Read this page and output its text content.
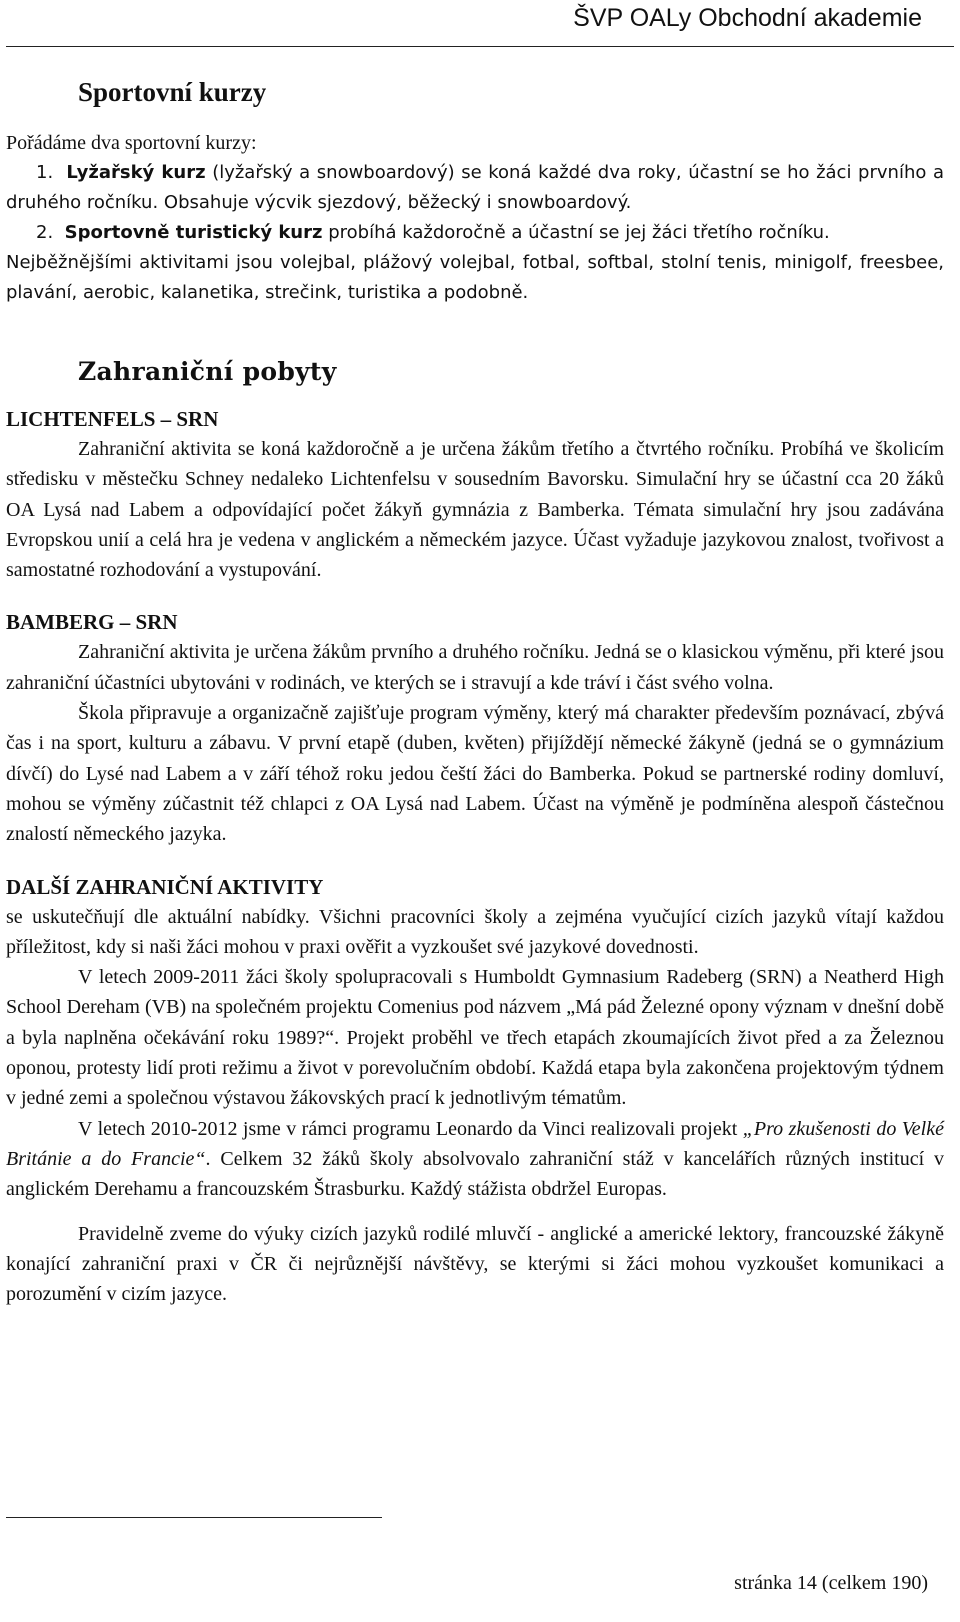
ŠVP OALy Obchodní akademie
Sportovní kurzy

Pořádáme dva sportovní kurzy:

1. Lyžařský kurz (lyžařský a snowboardový) se koná každé dva roky, účastní se ho žáci prvního a druhého ročníku. Obsahuje výcvik sjezdový, běžecký i snowboardový.
2. Sportovně turistický kurz probíhá každoročně a účastní se jej žáci třetího ročníku.

Nejběžnějšími aktivitami jsou volejbal, plážový volejbal, fotbal, softbal, stolní tenis, minigolf, freesbee, plavání, aerobic, kalanetika, strečink, turistika a podobně.

Zahraniční pobyty

LICHTENFELS – SRN

Zahraniční aktivita se koná každoročně a je určena žákům třetího a čtvrtého ročníku. Probíhá ve školicím středisku v městečku Schney nedaleko Lichtenfelsu v sousedním Bavorsku. Simulační hry se účastní cca 20 žáků OA Lysá nad Labem a odpovídající počet žákyň gymnázia z Bamberka. Témata simulační hry jsou zadávána Evropskou unií a celá hra je vedena v anglickém a německém jazyce. Účast vyžaduje jazykovou znalost, tvořivost a samostatné rozhodování a vystupování.

BAMBERG – SRN

Zahraniční aktivita je určena žákům prvního a druhého ročníku. Jedná se o klasickou výměnu, při které jsou zahraniční účastníci ubytováni v rodinách, ve kterých se i stravují a kde tráví i část svého volna.

Škola připravuje a organizačně zajišťuje program výměny, který má charakter především poznávací, zbývá čas i na sport, kulturu a zábavu. V první etapě (duben, květen) přijíždějí německé žákyně (jedná se o gymnázium dívčí) do Lysé nad Labem a v září téhož roku jedou čeští žáci do Bamberka. Pokud se partnerské rodiny domluví, mohou se výměny zúčastnit též chlapci z OA Lysá nad Labem. Účast na výměně je podmíněna alespoň částečnou znalostí německého jazyka.

DALŠÍ ZAHRANIČNÍ AKTIVITY

se uskutečňují dle aktuální nabídky. Všichni pracovníci školy a zejména vyučující cizích jazyků vítají každou příležitost, kdy si naši žáci mohou v praxi ověřit a vyzkoušet své jazykové dovednosti.

V letech 2009-2011 žáci školy spolupracovali s Humboldt Gymnasium Radeberg (SRN) a Neatherd High School Dereham (VB) na společném projektu Comenius pod názvem „Má pád Železné opony význam v dnešní době a byla naplněna očekávání roku 1989?“. Projekt proběhl ve třech etapách zkoumajících život před a za Železnou oponou, protesty lidí proti režimu a život v porevolučním období. Každá etapa byla zakončena projektovým týdnem v jedné zemi a společnou výstavou žákovských prací k jednotlivým tématům.

V letech 2010-2012 jsme v rámci programu Leonardo da Vinci realizovali projekt „Pro zkušenosti do Velké Británie a do Francie“. Celkem 32 žáků školy absolvovalo zahraniční stáž v kancelářích různých institucí v anglickém Derehamu a francouzském Štrasburku. Každý stážista obdržel Europas.

Pravidelně zveme do výuky cizích jazyků rodilé mluvčí - anglické a americké lektory, francouzské žákyně konající zahraniční praxi v ČR či nejrůznější návštěvy, se kterými si žáci mohou vyzkoušet komunikaci a porozumění v cizím jazyce.

stránka 14 (celkem 190)
